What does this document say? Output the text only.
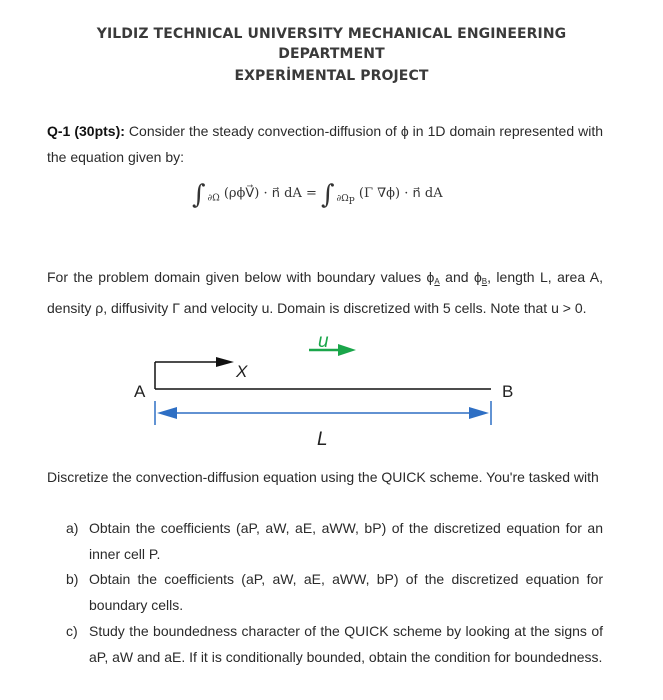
YILDIZ TECHNICAL UNIVERSITY MECHANICAL ENGINEERING
DEPARTMENT
EXPERİMENTAL PROJECT
Q-1 (30pts): Consider the steady convection-diffusion of ϕ in 1D domain represented with the equation given by:
∫ $_{\partial\Omega}$ (ρϕV⃗) · n⃗ dA = ∫ $_{\partial\Omega_P}$ (Γ ∇ϕ) · n⃗ dA
For the problem domain given below with boundary values $\phi_A$ and $\phi_B$, length L, area A, density ρ, diffusivity Γ and velocity u. Domain is discretized with 5 cells. Note that u > 0.
u
X
A	B
L
Discretize the convection-diffusion equation using the QUICK scheme. You're tasked with
a) Obtain the coefficients (aP, aW, aE, aWW, bP) of the discretized equation for an inner cell P.
b) Obtain the coefficients (aP, aW, aE, aWW, bP) of the discretized equation for boundary cells.
c) Study the boundedness character of the QUICK scheme by looking at the signs of aP, aW and aE. If it is conditionally bounded, obtain the condition for boundedness.
